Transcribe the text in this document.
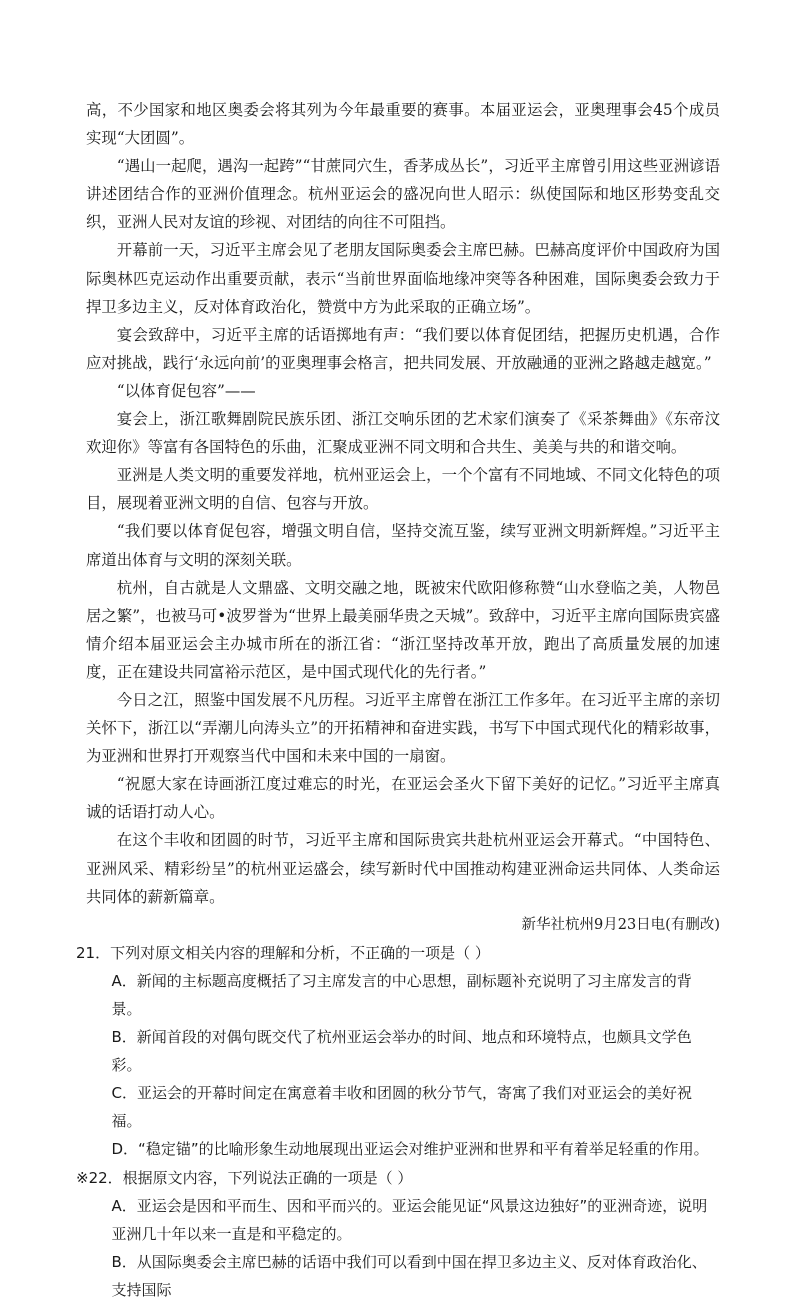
高，不少国家和地区奥委会将其列为今年最重要的赛事。本届亚运会，亚奥理事会45个成员实现“大团圆”。

“遇山一起爬，遇沟一起跨”“甘蔗同穴生，香茅成丛长”，习近平主席曾引用这些亚洲谚语讲述团结合作的亚洲价值理念。杭州亚运会的盛况向世人昭示：纵使国际和地区形势变乱交织，亚洲人民对友谊的珍视、对团结的向往不可阻挡。

开幕前一天，习近平主席会见了老朋友国际奥委会主席巴赫。巴赫高度评价中国政府为国际奥林匹克运动作出重要贡献，表示“当前世界面临地缘冲突等各种困难，国际奥委会致力于捍卫多边主义，反对体育政治化，赞赏中方为此采取的正确立场”。

宴会致辞中，习近平主席的话语掷地有声：“我们要以体育促团结，把握历史机遇，合作应对挑战，践行‘永远向前’的亚奥理事会格言，把共同发展、开放融通的亚洲之路越走越宽。”

“以体育促包容”——

宴会上，浙江歌舞剧院民族乐团、浙江交响乐团的艺术家们演奏了《采茶舞曲》《东帝汶欢迎你》等富有各国特色的乐曲，汇聚成亚洲不同文明和合共生、美美与共的和谐交响。

亚洲是人类文明的重要发祥地，杭州亚运会上，一个个富有不同地域、不同文化特色的项目，展现着亚洲文明的自信、包容与开放。

“我们要以体育促包容，增强文明自信，坚持交流互鉴，续写亚洲文明新辉煌。”习近平主席道出体育与文明的深刻关联。

杭州，自古就是人文鼎盛、文明交融之地，既被宋代欧阳修称赞“山水登临之美，人物邑居之繁”，也被马可•波罗誉为“世界上最美丽华贵之天城”。致辞中，习近平主席向国际贵宾盛情介绍本届亚运会主办城市所在的浙江省：“浙江坚持改革开放，跑出了高质量发展的加速度，正在建设共同富裕示范区，是中国式现代化的先行者。”

今日之江，照鉴中国发展不凡历程。习近平主席曾在浙江工作多年。在习近平主席的亲切关怀下，浙江以“弄潮儿向涛头立”的开拓精神和奋进实践，书写下中国式现代化的精彩故事，为亚洲和世界打开观察当代中国和未来中国的一扇窗。

“祝愿大家在诗画浙江度过难忘的时光，在亚运会圣火下留下美好的记忆。”习近平主席真诚的话语打动人心。

在这个丰收和团圆的时节，习近平主席和国际贵宾共赴杭州亚运会开幕式。“中国特色、亚洲风采、精彩纷呈”的杭州亚运盛会，续写新时代中国推动构建亚洲命运共同体、人类命运共同体的薪新篇章。

新华社杭州9月23日电(有删改)

21．下列对原文相关内容的理解和分析，不正确的一项是（ ）

A．新闻的主标题高度概括了习主席发言的中心思想，副标题补充说明了习主席发言的背景。

B．新闻首段的对偶句既交代了杭州亚运会举办的时间、地点和环境特点，也颇具文学色彩。

C．亚运会的开幕时间定在寓意着丰收和团圆的秋分节气，寄寓了我们对亚运会的美好祝福。

D．“稳定锚”的比喻形象生动地展现出亚运会对维护亚洲和世界和平有着举足轻重的作用。

※22．根据原文内容，下列说法正确的一项是（ ）

A．亚运会是因和平而生、因和平而兴的。亚运会能见证“风景这边独好”的亚洲奇迹，说明亚洲几十年以来一直是和平稳定的。

B．从国际奥委会主席巴赫的话语中我们可以看到中国在捍卫多边主义、反对体育政治化、支持国际
